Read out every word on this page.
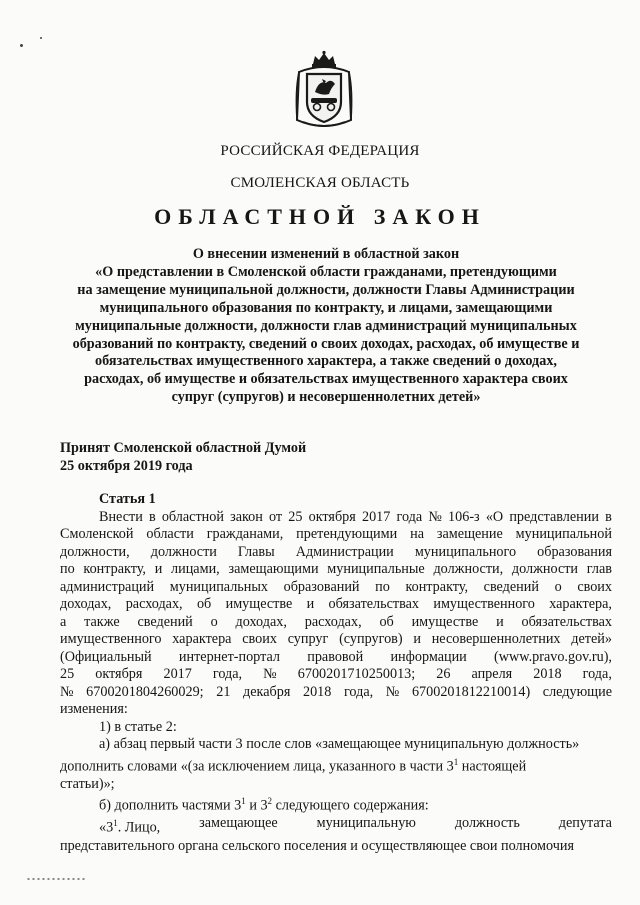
РОССИЙСКАЯ ФЕДЕРАЦИЯ
СМОЛЕНСКАЯ ОБЛАСТЬ
ОБЛАСТНОЙ ЗАКОН
О внесении изменений в областной закон
«О представлении в Смоленской области гражданами, претендующими
на замещение муниципальной должности, должности Главы Администрации
муниципального образования по контракту, и лицами, замещающими
муниципальные должности, должности глав администраций муниципальных
образований по контракту, сведений о своих доходах, расходах, об имуществе и
обязательствах имущественного характера, а также сведений о доходах,
расходах, об имуществе и обязательствах имущественного характера своих
супруг (супругов) и несовершеннолетних детей»
Принят Смоленской областной Думой
25 октября 2019 года
Статья 1
Внести в областной закон от 25 октября 2017 года № 106-з «О представлении в
Смоленской области гражданами, претендующими на замещение муниципальной
должности, должности Главы Администрации муниципального образования
по контракту, и лицами, замещающими муниципальные должности, должности глав
администраций муниципальных образований по контракту, сведений о своих
доходах, расходах, об имуществе и обязательствах имущественного характера,
а также сведений о доходах, расходах, об имуществе и обязательствах
имущественного характера своих супруг (супругов) и несовершеннолетних детей»
(Официальный интернет-портал правовой информации (www.pravo.gov.ru),
25 октября 2017 года, № 6700201710250013; 26 апреля 2018 года,
№ 6700201804260029; 21 декабря 2018 года, № 6700201812210014) следующие
изменения:
1) в статье 2:
а) абзац первый части 3 после слов «замещающее муниципальную должность»
дополнить словами «(за исключением лица, указанного в части $3^1$ настоящей
статьи)»;
б) дополнить частями $3^1$ и $3^2$ следующего содержания:
«$3^1$. Лицо,	замещающее	муниципальную	должность	депутата
представительного органа сельского поселения и осуществляющее свои полномочия
